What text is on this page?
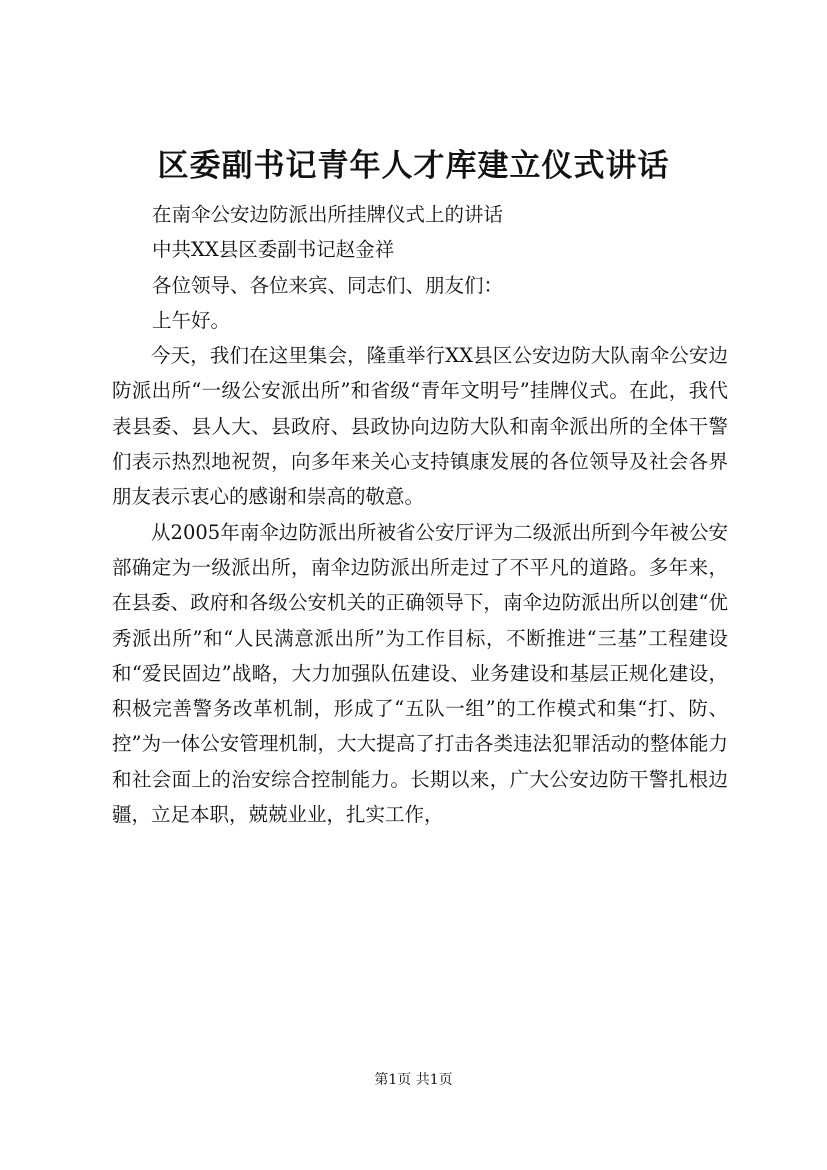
区委副书记青年人才库建立仪式讲话
在南伞公安边防派出所挂牌仪式上的讲话
中共XX县区委副书记赵金祥
各位领导、各位来宾、同志们、朋友们：
上午好。

今天，我们在这里集会，隆重举行XX县区公安边防大队南伞公安边防派出所“一级公安派出所”和省级“青年文明号”挂牌仪式。在此，我代表县委、县人大、县政府、县政协向边防大队和南伞派出所的全体干警们表示热烈地祝贺，向多年来关心支持镇康发展的各位领导及社会各界朋友表示衷心的感谢和崇高的敬意。

从2005年南伞边防派出所被省公安厅评为二级派出所到今年被公安部确定为一级派出所，南伞边防派出所走过了不平凡的道路。多年来，在县委、政府和各级公安机关的正确领导下，南伞边防派出所以创建“优秀派出所”和“人民满意派出所”为工作目标，不断推进“三基”工程建设和“爱民固边”战略，大力加强队伍建设、业务建设和基层正规化建设，积极完善警务改革机制，形成了“五队一组”的工作模式和集“打、防、控”为一体公安管理机制，大大提高了打击各类违法犯罪活动的整体能力和社会面上的治安综合控制能力。长期以来，广大公安边防干警扎根边疆，立足本职，兢兢业业，扎实工作，

第1页 共1页
